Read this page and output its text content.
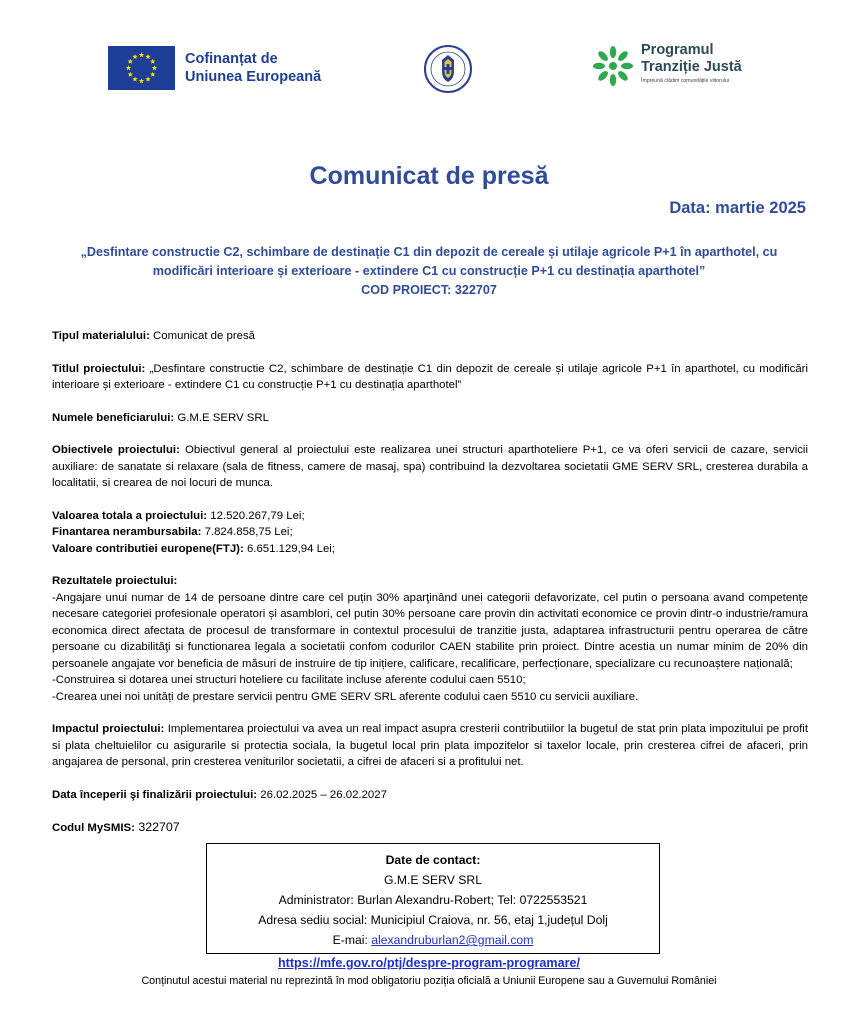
Cofinanțat de
Uniunea Europeană
Programul
Tranziție Justă
Împreună clădim comunitățile viitorului
Comunicat de presă
Data: martie 2025
„Desfintare constructie C2, schimbare de destinație C1 din depozit de cereale și utilaje agricole P+1 în aparthotel, cu
modificări interioare și exterioare - extindere C1 cu construcție P+1 cu destinația aparthotel”
COD PROIECT: 322707

Tipul materialului: Comunicat de presă

Titlul proiectului: „Desfintare constructie C2, schimbare de destinație C1 din depozit de cereale și utilaje agricole P+1 în aparthotel, cu modificări interioare și exterioare - extindere C1 cu construcție P+1 cu destinația aparthotel”

Numele beneficiarului: G.M.E SERV SRL

Obiectivele proiectului: Obiectivul general al proiectului este realizarea unei structuri aparthoteliere P+1, ce va oferi servicii de cazare, servicii auxiliare: de sanatate si relaxare (sala de fitness, camere de masaj, spa) contribuind la dezvoltarea societatii GME SERV SRL, cresterea durabila a localitatii, si crearea de noi locuri de munca.

Valoarea totala a proiectului: 12.520.267,79 Lei;

Finantarea nerambursabila: 7.824.858,75 Lei;

Valoare contributiei europene(FTJ): 6.651.129,94 Lei;

Rezultatele proiectului:

-Angajare unui numar de 14 de persoane dintre care cel puțin 30% aparţinând unei categorii defavorizate, cel putin o persoana avand competențe necesare categoriei profesionale operatori și asamblori, cel putin 30% persoane care provin din activitati economice ce provin dintr-o industrie/ramura economica direct afectata de procesul de transformare in contextul procesului de tranzitie justa, adaptarea infrastructurii pentru operarea de către persoane cu dizabilităţi si functionarea legala a societatii confom codurilor CAEN stabilite prin proiect. Dintre acestia un numar minim de 20% din persoanele angajate vor beneficia de măsuri de instruire de tip inițiere, calificare, recalificare, perfecționare, specializare cu recunoaștere națională;

-Construirea si dotarea unei structuri hoteliere cu facilitate incluse aferente codului caen 5510;

-Crearea unei noi unități de prestare servicii pentru GME SERV SRL aferente codului caen 5510 cu servicii auxiliare.

Impactul proiectului: Implementarea proiectului va avea un real impact asupra cresterii contributiilor la bugetul de stat prin plata impozitului pe profit si plata cheltuielilor cu asigurarile si protectia sociala, la bugetul local prin plata impozitelor si taxelor locale, prin cresterea cifrei de afaceri, prin angajarea de personal, prin cresterea veniturilor societatii, a cifrei de afaceri si a profitului net.

Data începerii şi finalizării proiectului: 26.02.2025 – 26.02.2027

Codul MySMIS: 322707

Date de contact:
G.M.E SERV SRL
Administrator: Burlan Alexandru-Robert; Tel: 0722553521
Adresa sediu social: Municipiul Craiova, nr. 56, etaj 1,județul Dolj
E-mai: alexandruburlan2@gmail.com
https://mfe.gov.ro/ptj/despre-program-programare/
Conținutul acestui material nu reprezintă în mod obligatoriu poziția oficială a Uniunii Europene sau a Guvernului României
